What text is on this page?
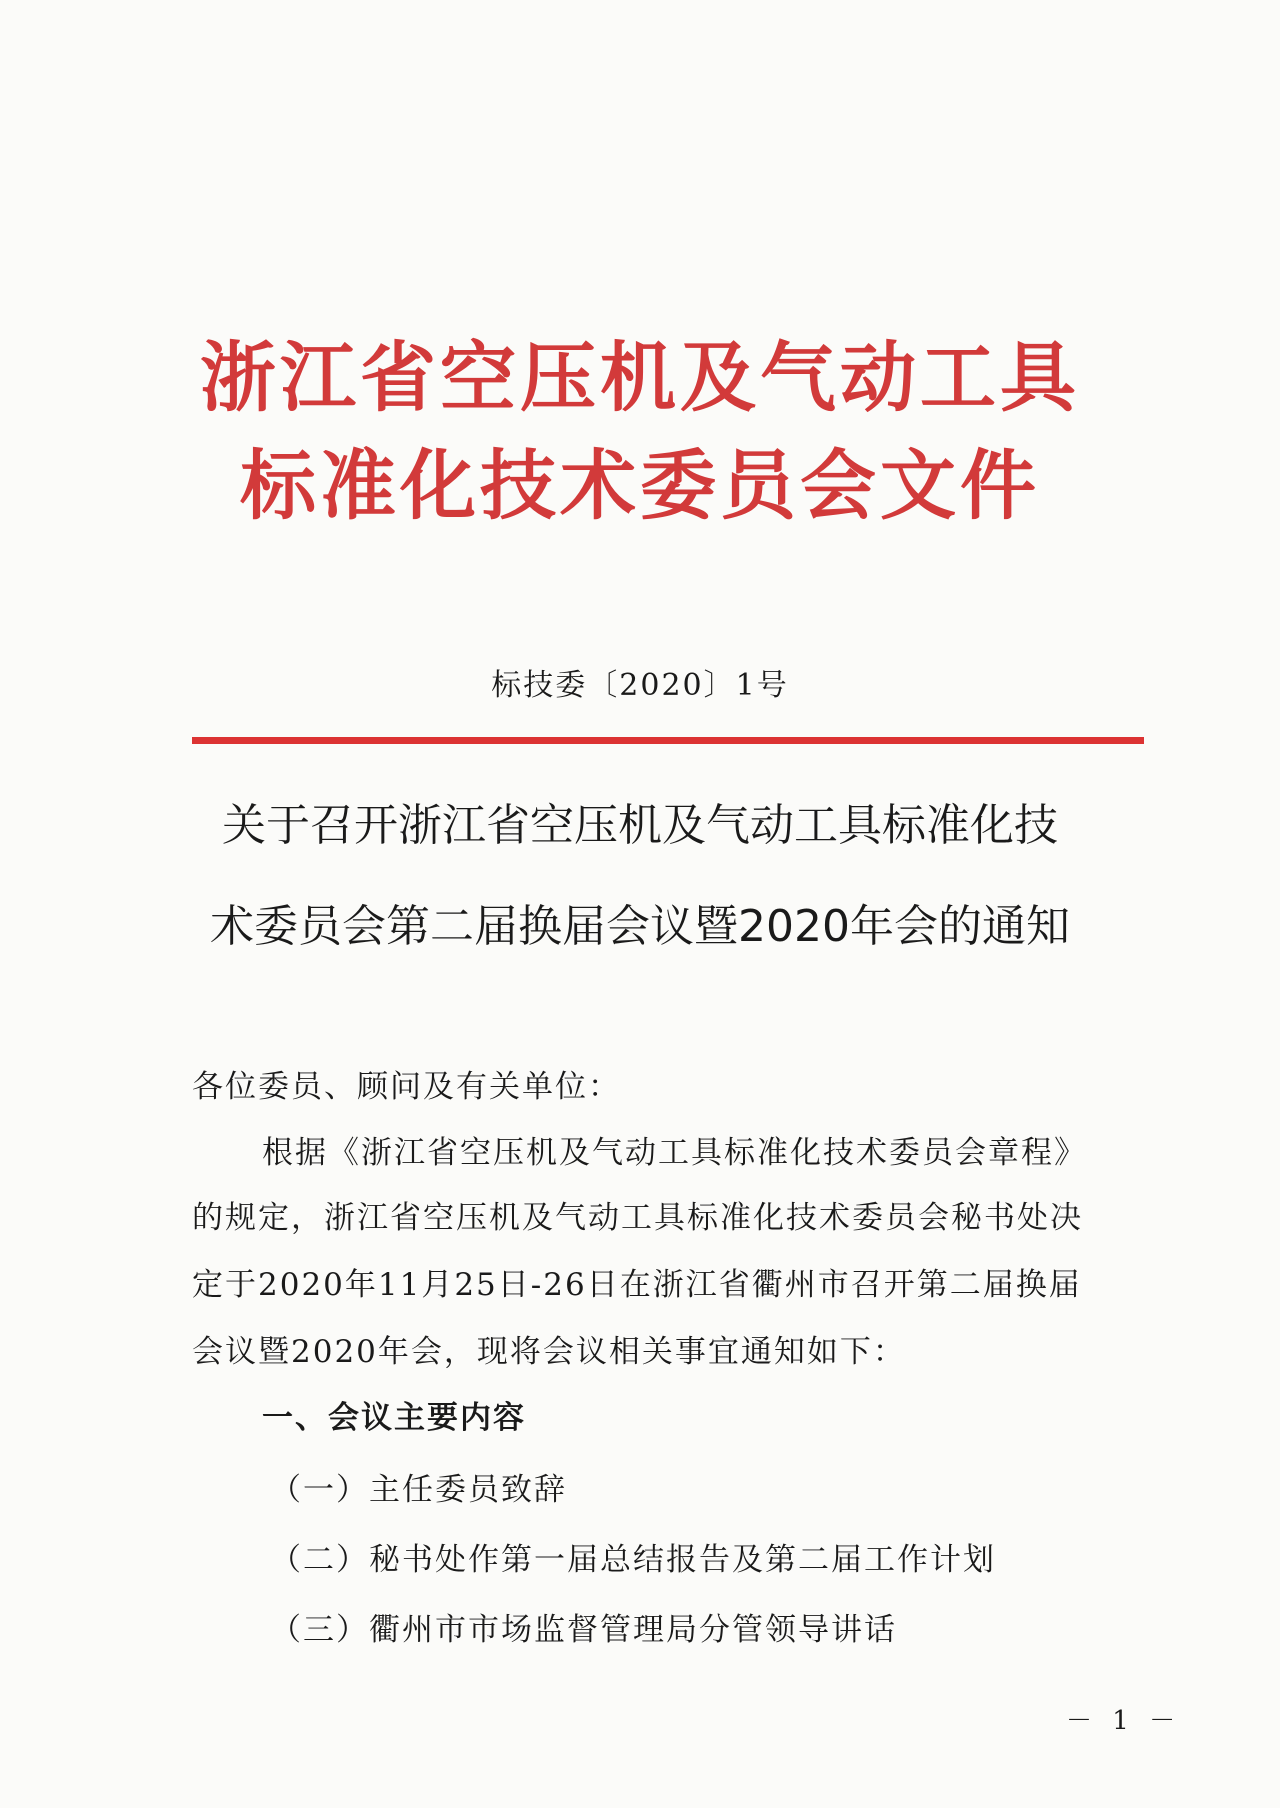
浙江省空压机及气动工具
标准化技术委员会文件
标技委〔2020〕1号
关于召开浙江省空压机及气动工具标准化技
术委员会第二届换届会议暨2020年会的通知
各位委员、顾问及有关单位：
根据《浙江省空压机及气动工具标准化技术委员会章程》
的规定，浙江省空压机及气动工具标准化技术委员会秘书处决
定于2020年11月25日-26日在浙江省衢州市召开第二届换届
会议暨2020年会，现将会议相关事宜通知如下：
一、会议主要内容
（一）主任委员致辞
（二）秘书处作第一届总结报告及第二届工作计划
（三）衢州市市场监督管理局分管领导讲话
－ 1 －
